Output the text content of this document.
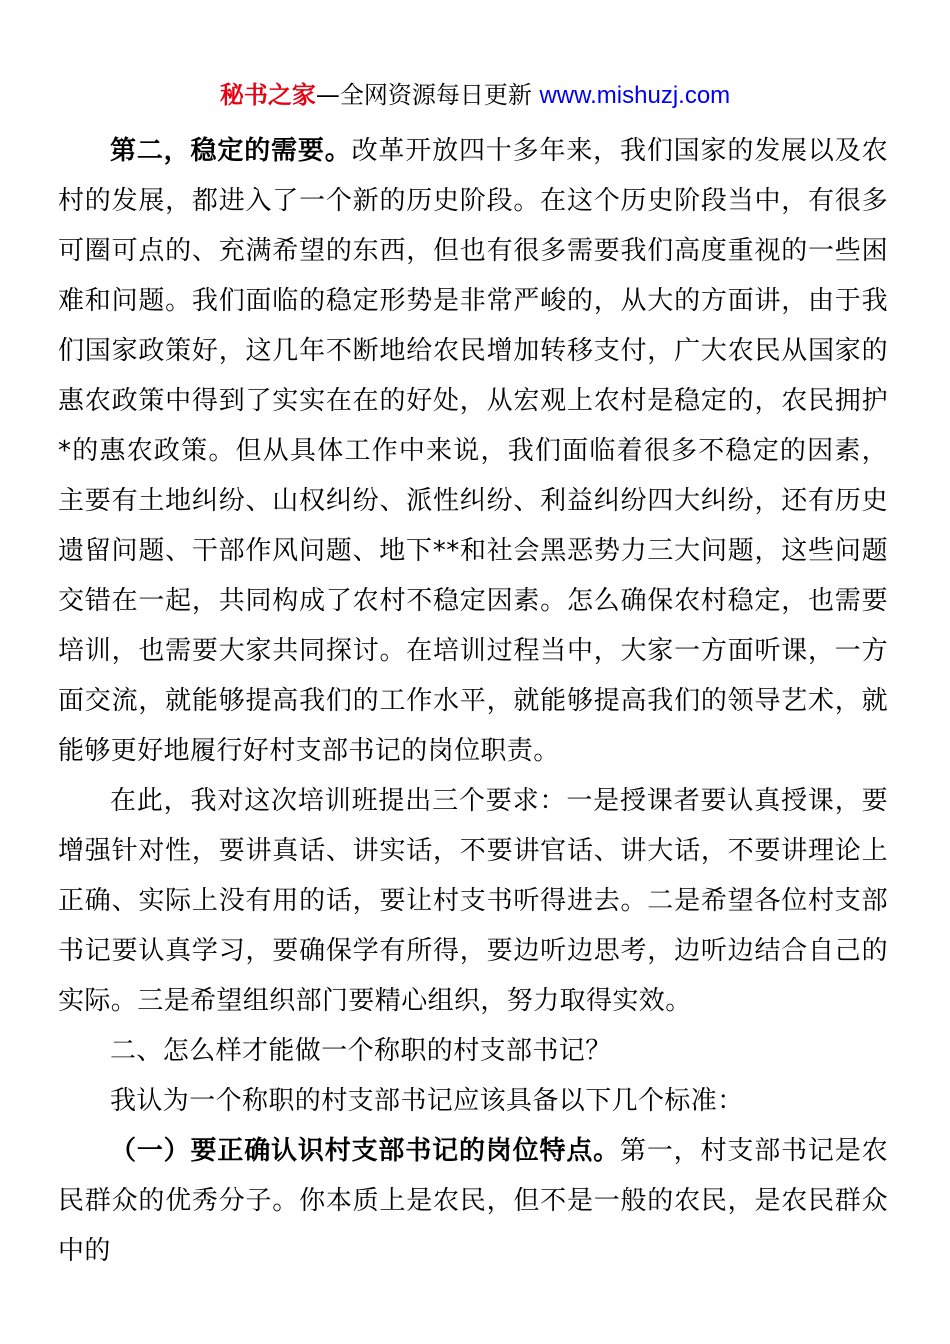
秘书之家—全网资源每日更新 www.mishuzj.com

第二，稳定的需要。改革开放四十多年来，我们国家的发展以及农村的发展，都进入了一个新的历史阶段。在这个历史阶段当中，有很多可圈可点的、充满希望的东西，但也有很多需要我们高度重视的一些困难和问题。我们面临的稳定形势是非常严峻的，从大的方面讲，由于我们国家政策好，这几年不断地给农民增加转移支付，广大农民从国家的惠农政策中得到了实实在在的好处，从宏观上农村是稳定的，农民拥护*的惠农政策。但从具体工作中来说，我们面临着很多不稳定的因素，主要有土地纠纷、山权纠纷、派性纠纷、利益纠纷四大纠纷，还有历史遗留问题、干部作风问题、地下**和社会黑恶势力三大问题，这些问题交错在一起，共同构成了农村不稳定因素。怎么确保农村稳定，也需要培训，也需要大家共同探讨。在培训过程当中，大家一方面听课，一方面交流，就能够提高我们的工作水平，就能够提高我们的领导艺术，就能够更好地履行好村支部书记的岗位职责。

在此，我对这次培训班提出三个要求：一是授课者要认真授课，要增强针对性，要讲真话、讲实话，不要讲官话、讲大话，不要讲理论上正确、实际上没有用的话，要让村支书听得进去。二是希望各位村支部书记要认真学习，要确保学有所得，要边听边思考，边听边结合自己的实际。三是希望组织部门要精心组织，努力取得实效。

二、怎么样才能做一个称职的村支部书记？

我认为一个称职的村支部书记应该具备以下几个标准：

（一）要正确认识村支部书记的岗位特点。第一，村支部书记是农民群众的优秀分子。你本质上是农民，但不是一般的农民，是农民群众中的
